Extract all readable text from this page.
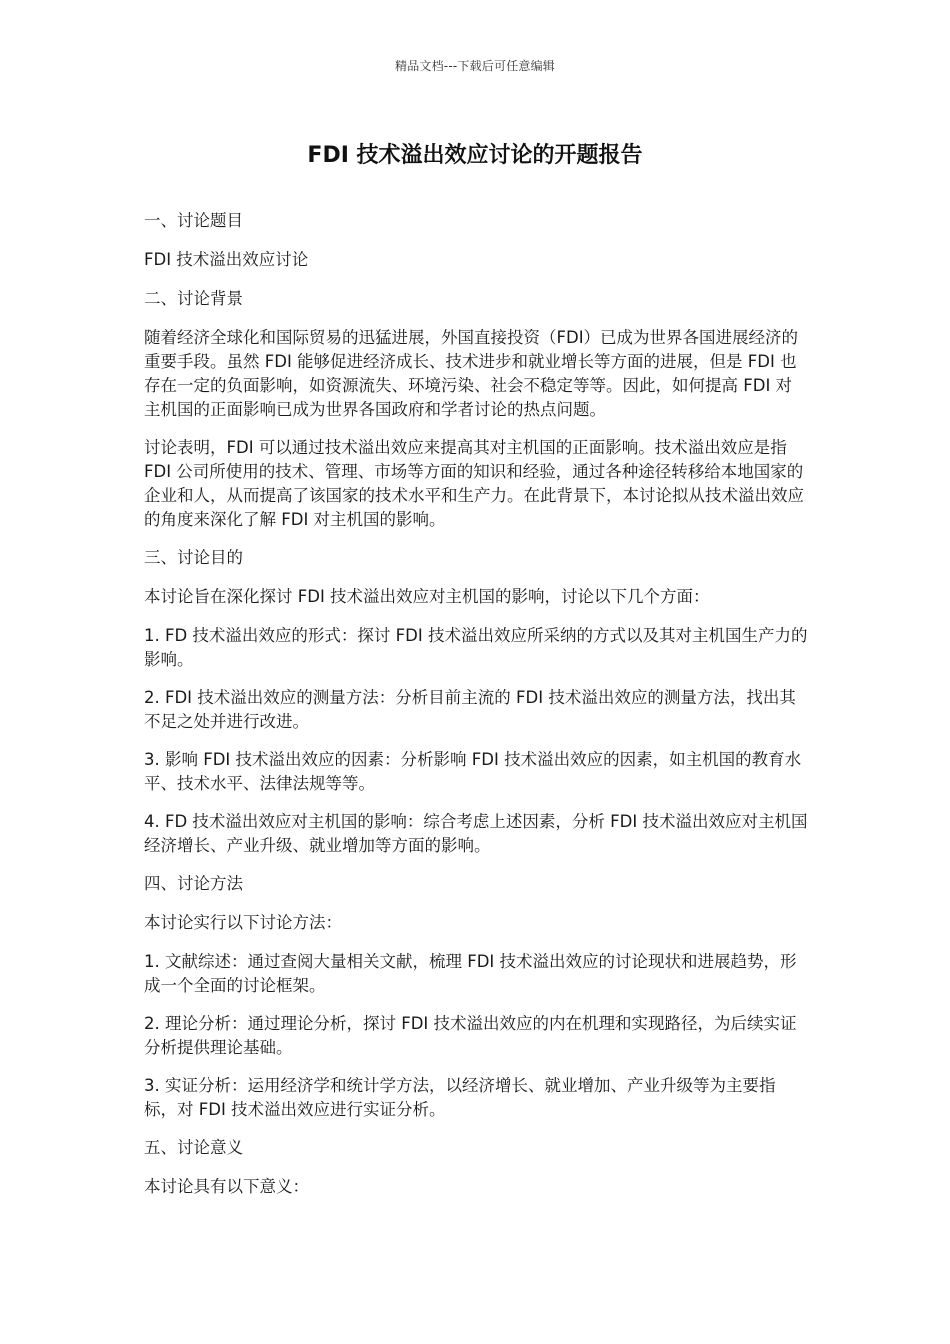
精品文档---下载后可任意编辑
FDI 技术溢出效应讨论的开题报告

一、讨论题目

FDI 技术溢出效应讨论

二、讨论背景

随着经济全球化和国际贸易的迅猛进展，外国直接投资（FDI）已成为世界各国进展经济的重要手段。虽然 FDI 能够促进经济成长、技术进步和就业增长等方面的进展，但是 FDI 也存在一定的负面影响，如资源流失、环境污染、社会不稳定等等。因此，如何提高 FDI 对主机国的正面影响已成为世界各国政府和学者讨论的热点问题。

讨论表明，FDI 可以通过技术溢出效应来提高其对主机国的正面影响。技术溢出效应是指 FDI 公司所使用的技术、管理、市场等方面的知识和经验，通过各种途径转移给本地国家的企业和人，从而提高了该国家的技术水平和生产力。在此背景下，本讨论拟从技术溢出效应的角度来深化了解 FDI 对主机国的影响。

三、讨论目的

本讨论旨在深化探讨 FDI 技术溢出效应对主机国的影响，讨论以下几个方面：

1. FD 技术溢出效应的形式：探讨 FDI 技术溢出效应所采纳的方式以及其对主机国生产力的影响。

2. FDI 技术溢出效应的测量方法：分析目前主流的 FDI 技术溢出效应的测量方法，找出其不足之处并进行改进。

3. 影响 FDI 技术溢出效应的因素：分析影响 FDI 技术溢出效应的因素，如主机国的教育水平、技术水平、法律法规等等。

4. FD 技术溢出效应对主机国的影响：综合考虑上述因素，分析 FDI 技术溢出效应对主机国经济增长、产业升级、就业增加等方面的影响。

四、讨论方法

本讨论实行以下讨论方法：

1. 文献综述：通过查阅大量相关文献，梳理 FDI 技术溢出效应的讨论现状和进展趋势，形成一个全面的讨论框架。

2. 理论分析：通过理论分析，探讨 FDI 技术溢出效应的内在机理和实现路径，为后续实证分析提供理论基础。

3. 实证分析：运用经济学和统计学方法，以经济增长、就业增加、产业升级等为主要指标，对 FDI 技术溢出效应进行实证分析。

五、讨论意义

本讨论具有以下意义：
